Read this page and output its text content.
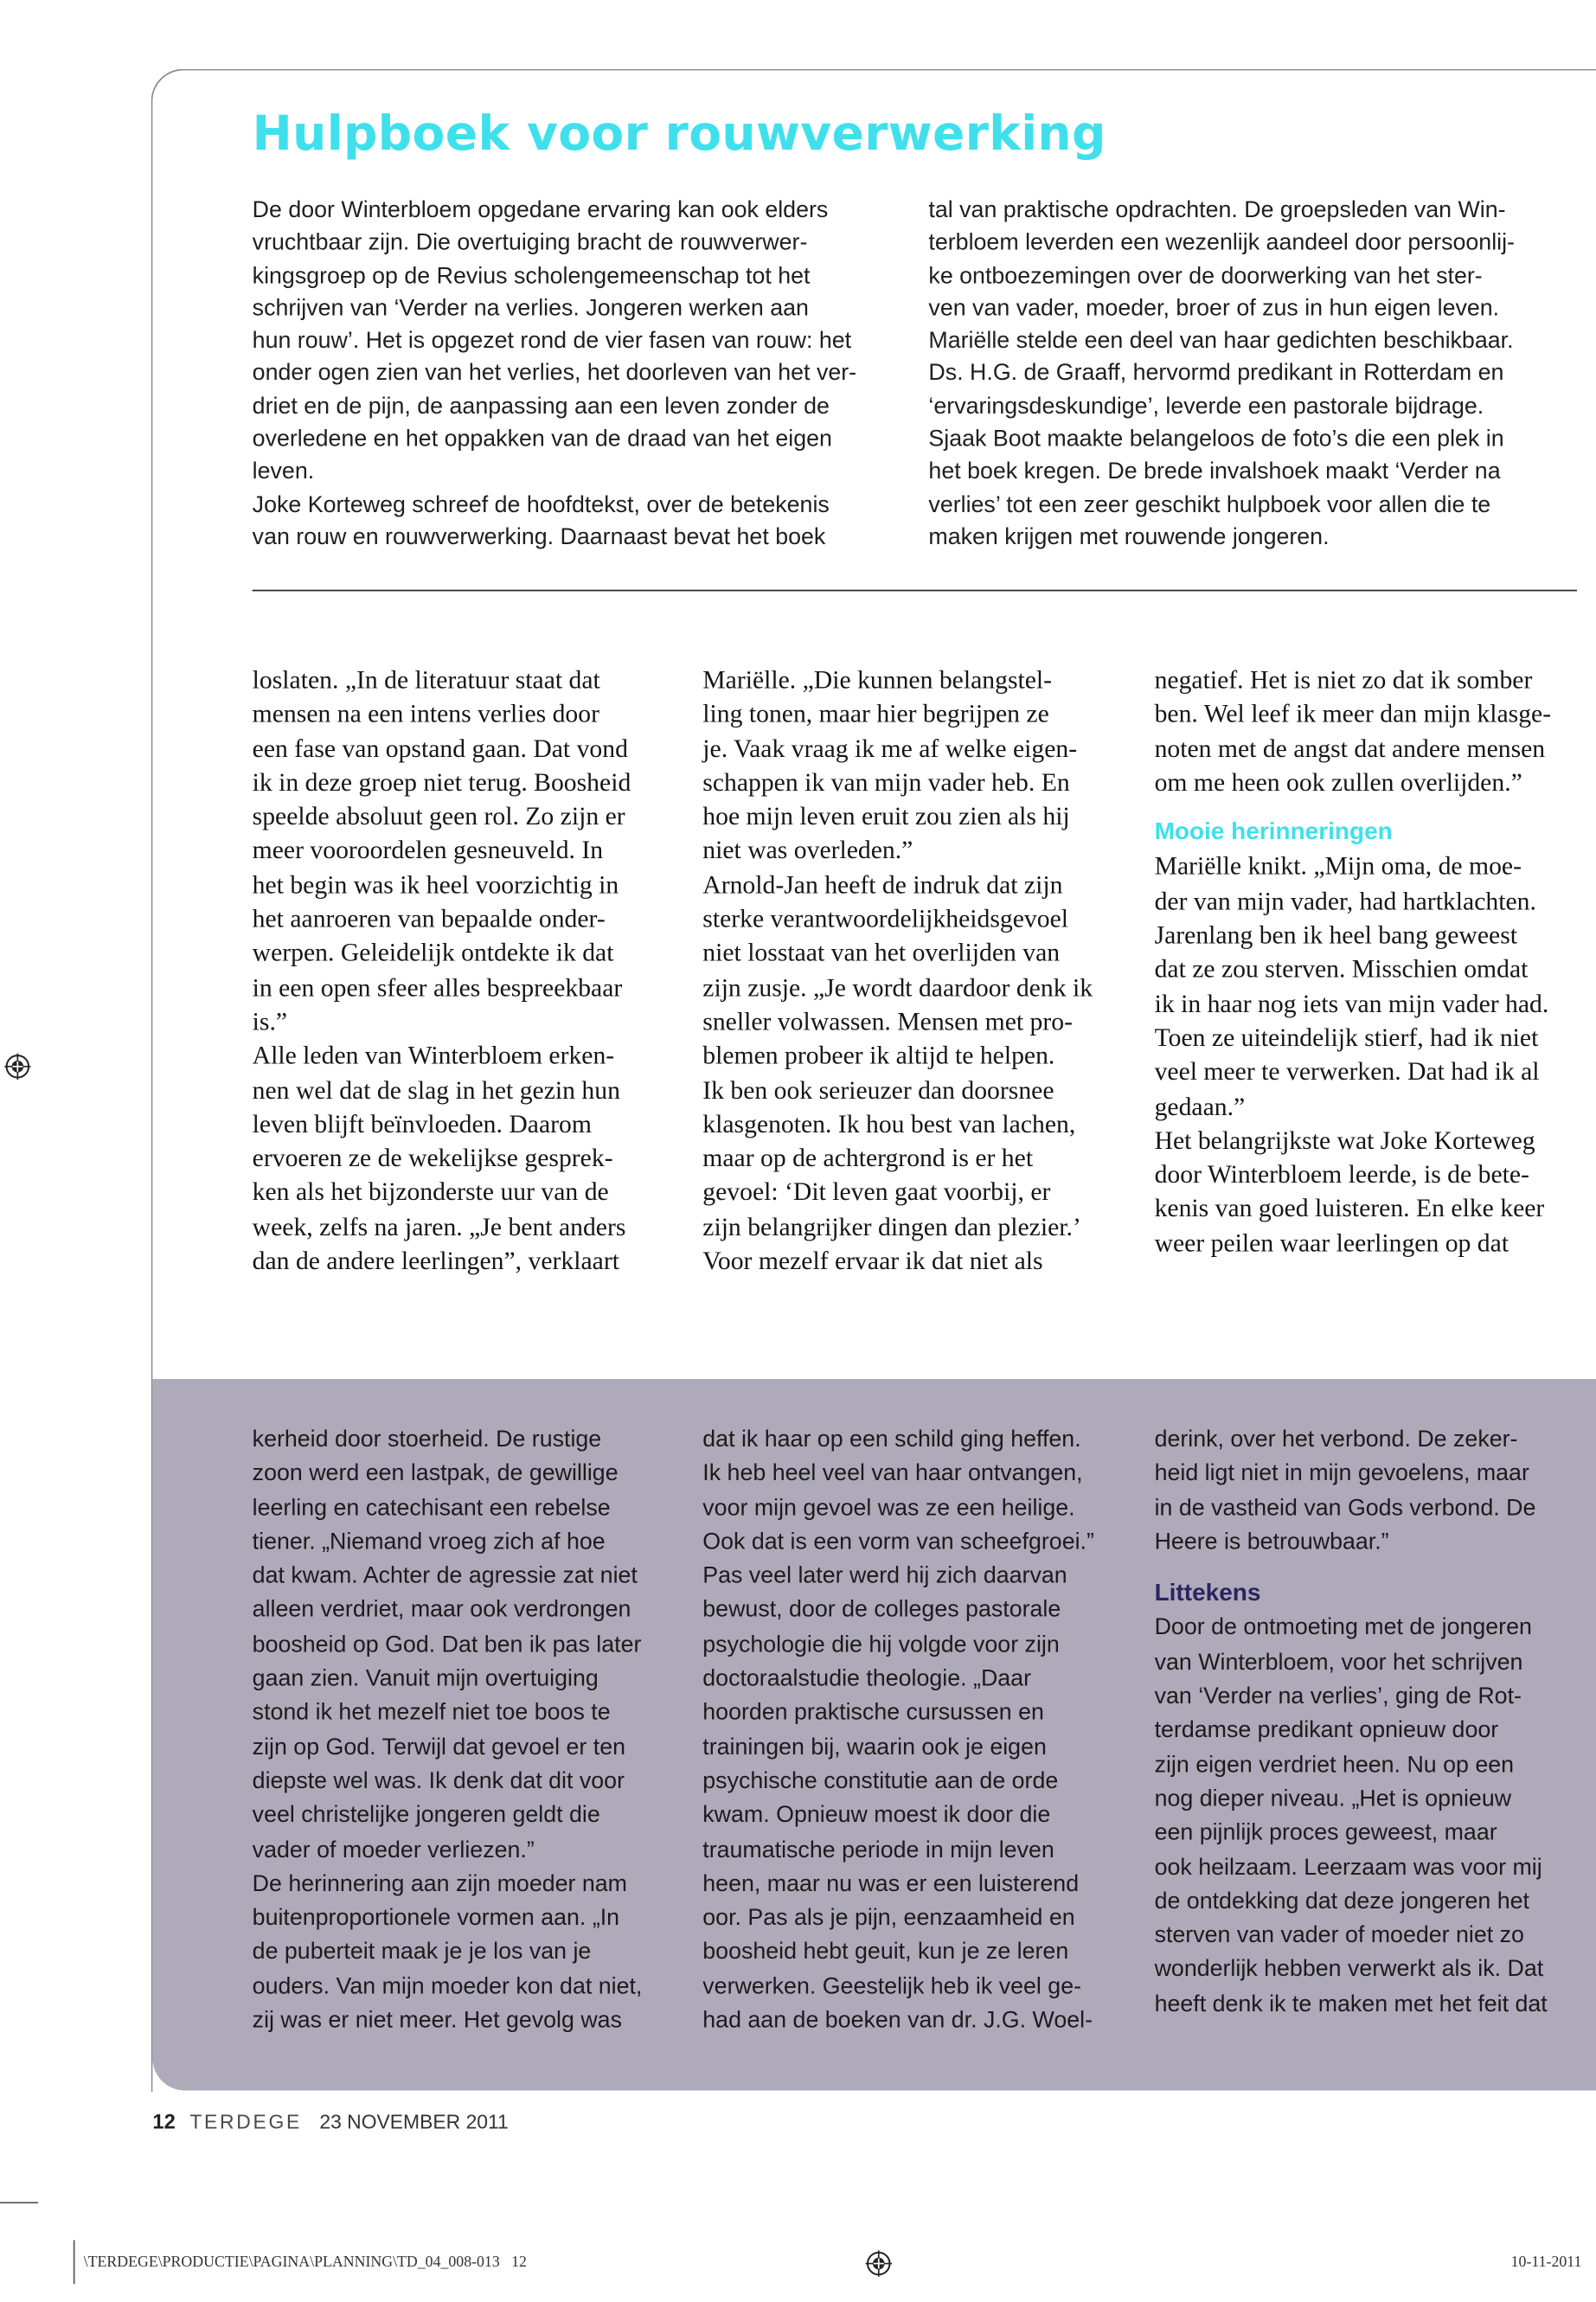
Hulpboek voor rouwverwerking
De door Winterbloem opgedane ervaring kan ook elders
vruchtbaar zijn. Die overtuiging bracht de rouwverwer-
kingsgroep op de Revius scholengemeenschap tot het
schrijven van ‘Verder na verlies. Jongeren werken aan
hun rouw’. Het is opgezet rond de vier fasen van rouw: het
onder ogen zien van het verlies, het doorleven van het ver-
driet en de pijn, de aanpassing aan een leven zonder de
overledene en het oppakken van de draad van het eigen
leven.
Joke Korteweg schreef de hoofdtekst, over de betekenis
van rouw en rouwverwerking. Daarnaast bevat het boek
tal van praktische opdrachten. De groepsleden van Win-
terbloem leverden een wezenlijk aandeel door persoonlij-
ke ontboezemingen over de doorwerking van het ster-
ven van vader, moeder, broer of zus in hun eigen leven.
Mariëlle stelde een deel van haar gedichten beschikbaar.
Ds. H.G. de Graaff, hervormd predikant in Rotterdam en
‘ervaringsdeskundige’, leverde een pastorale bijdrage.
Sjaak Boot maakte belangeloos de foto’s die een plek in
het boek kregen. De brede invalshoek maakt ‘Verder na
verlies’ tot een zeer geschikt hulpboek voor allen die te
maken krijgen met rouwende jongeren.
loslaten. „In de literatuur staat dat
mensen na een intens verlies door
een fase van opstand gaan. Dat vond
ik in deze groep niet terug. Boosheid
speelde absoluut geen rol. Zo zijn er
meer vooroordelen gesneuveld. In
het begin was ik heel voorzichtig in
het aanroeren van bepaalde onder-
werpen. Geleidelijk ontdekte ik dat
in een open sfeer alles bespreekbaar
is.”
Alle leden van Winterbloem erken-
nen wel dat de slag in het gezin hun
leven blijft beïnvloeden. Daarom
ervoeren ze de wekelijkse gesprek-
ken als het bijzonderste uur van de
week, zelfs na jaren. „Je bent anders
dan de andere leerlingen”, verklaart
Mariëlle. „Die kunnen belangstel-
ling tonen, maar hier begrijpen ze
je. Vaak vraag ik me af welke eigen-
schappen ik van mijn vader heb. En
hoe mijn leven eruit zou zien als hij
niet was overleden.”
Arnold-Jan heeft de indruk dat zijn
sterke verantwoordelijkheidsgevoel
niet losstaat van het overlijden van
zijn zusje. „Je wordt daardoor denk ik
sneller volwassen. Mensen met pro-
blemen probeer ik altijd te helpen.
Ik ben ook serieuzer dan doorsnee
klasgenoten. Ik hou best van lachen,
maar op de achtergrond is er het
gevoel: ‘Dit leven gaat voorbij, er
zijn belangrijker dingen dan plezier.’
Voor mezelf ervaar ik dat niet als
negatief. Het is niet zo dat ik somber
ben. Wel leef ik meer dan mijn klasge-
noten met de angst dat andere mensen
om me heen ook zullen overlijden.”
Mooie herinneringen
Mariëlle knikt. „Mijn oma, de moe-
der van mijn vader, had hartklachten.
Jarenlang ben ik heel bang geweest
dat ze zou sterven. Misschien omdat
ik in haar nog iets van mijn vader had.
Toen ze uiteindelijk stierf, had ik niet
veel meer te verwerken. Dat had ik al
gedaan.”
Het belangrijkste wat Joke Korteweg
door Winterbloem leerde, is de bete-
kenis van goed luisteren. En elke keer
weer peilen waar leerlingen op dat
kerheid door stoerheid. De rustige
zoon werd een lastpak, de gewillige
leerling en catechisant een rebelse
tiener. „Niemand vroeg zich af hoe
dat kwam. Achter de agressie zat niet
alleen verdriet, maar ook verdrongen
boosheid op God. Dat ben ik pas later
gaan zien. Vanuit mijn overtuiging
stond ik het mezelf niet toe boos te
zijn op God. Terwijl dat gevoel er ten
diepste wel was. Ik denk dat dit voor
veel christelijke jongeren geldt die
vader of moeder verliezen.”
De herinnering aan zijn moeder nam
buitenproportionele vormen aan. „In
de puberteit maak je je los van je
ouders. Van mijn moeder kon dat niet,
zij was er niet meer. Het gevolg was
dat ik haar op een schild ging heffen.
Ik heb heel veel van haar ontvangen,
voor mijn gevoel was ze een heilige.
Ook dat is een vorm van scheefgroei.”
Pas veel later werd hij zich daarvan
bewust, door de colleges pastorale
psychologie die hij volgde voor zijn
doctoraalstudie theologie. „Daar
hoorden praktische cursussen en
trainingen bij, waarin ook je eigen
psychische constitutie aan de orde
kwam. Opnieuw moest ik door die
traumatische periode in mijn leven
heen, maar nu was er een luisterend
oor. Pas als je pijn, eenzaamheid en
boosheid hebt geuit, kun je ze leren
verwerken. Geestelijk heb ik veel ge-
had aan de boeken van dr. J.G. Woel-
derink, over het verbond. De zeker-
heid ligt niet in mijn gevoelens, maar
in de vastheid van Gods verbond. De
Heere is betrouwbaar.”
Littekens
Door de ontmoeting met de jongeren
van Winterbloem, voor het schrijven
van ‘Verder na verlies’, ging de Rot-
terdamse predikant opnieuw door
zijn eigen verdriet heen. Nu op een
nog dieper niveau. „Het is opnieuw
een pijnlijk proces geweest, maar
ook heilzaam. Leerzaam was voor mij
de ontdekking dat deze jongeren het
sterven van vader of moeder niet zo
wonderlijk hebben verwerkt als ik. Dat
heeft denk ik te maken met het feit dat
12 TERDEGE 23 NOVEMBER 2011
\TERDEGE\PRODUCTIE\PAGINA\PLANNING\TD_04_008-013   12	10-11-2011
